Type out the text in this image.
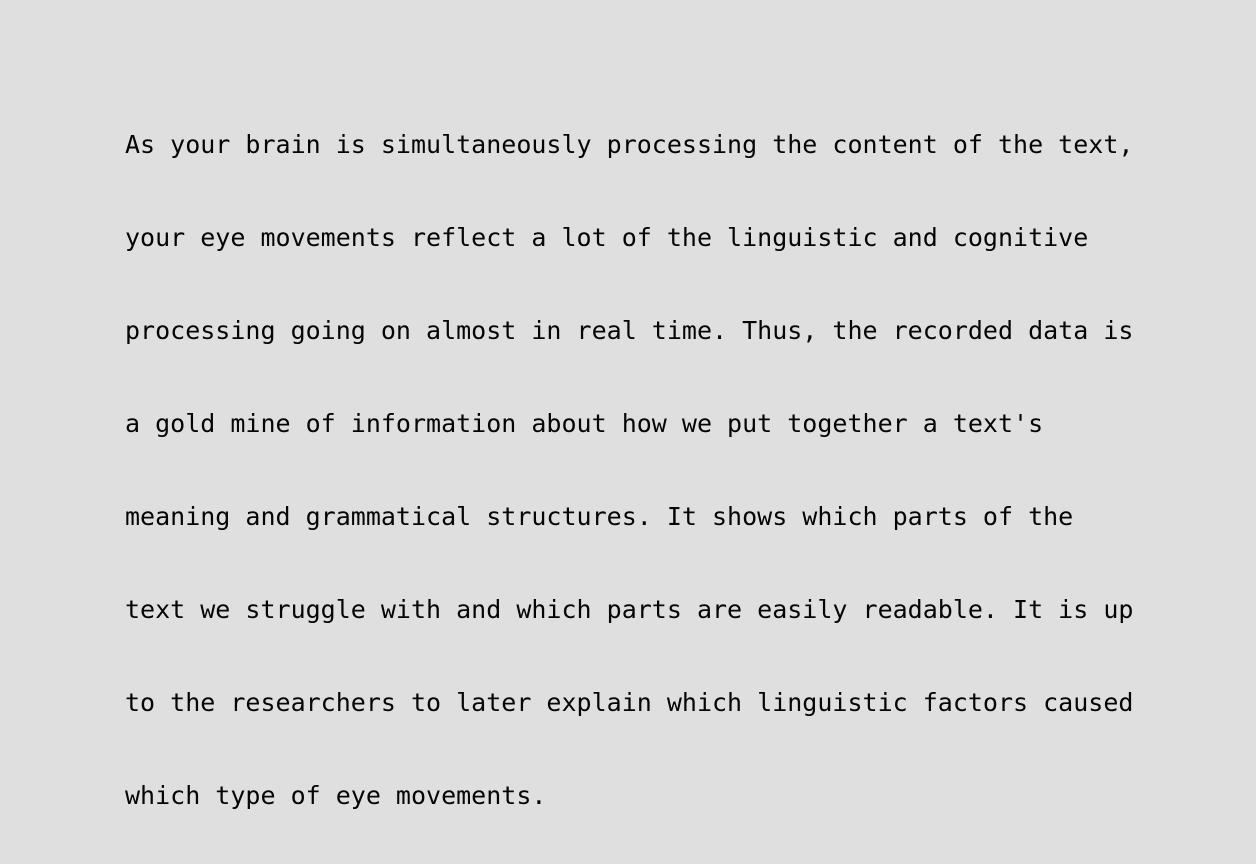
As your brain is simultaneously processing the content of the text,
your eye movements reflect a lot of the linguistic and cognitive
processing going on almost in real time. Thus, the recorded data is
a gold mine of information about how we put together a text's
meaning and grammatical structures. It shows which parts of the
text we struggle with and which parts are easily readable. It is up
to the researchers to later explain which linguistic factors caused
which type of eye movements.
